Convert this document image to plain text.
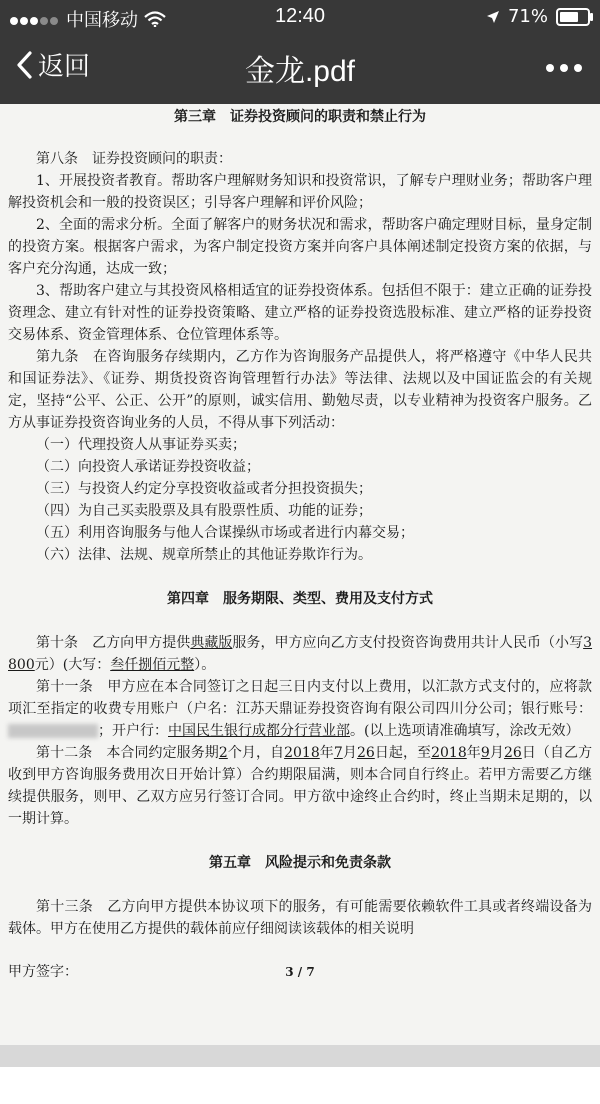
中国移动	12:40	71%
返回	金龙.pdf
第三章　证券投资顾问的职责和禁止行为

第八条　证券投资顾问的职责：

1、开展投资者教育。帮助客户理解财务知识和投资常识，了解专户理财业务；帮助客户理解投资机会和一般的投资误区；引导客户理解和评价风险；

2、全面的需求分析。全面了解客户的财务状况和需求，帮助客户确定理财目标，量身定制的投资方案。根据客户需求，为客户制定投资方案并向客户具体阐述制定投资方案的依据，与客户充分沟通，达成一致；

3、帮助客户建立与其投资风格相适宜的证券投资体系。包括但不限于：建立正确的证券投资理念、建立有针对性的证券投资策略、建立严格的证券投资选股标准、建立严格的证券投资交易体系、资金管理体系、仓位管理体系等。

第九条　在咨询服务存续期内，乙方作为咨询服务产品提供人，将严格遵守《中华人民共和国证券法》、《证券、期货投资咨询管理暂行办法》等法律、法规以及中国证监会的有关规定，坚持“公平、公正、公开”的原则，诚实信用、勤勉尽责，以专业精神为投资客户服务。乙方从事证券投资咨询业务的人员，不得从事下列活动：

（一）代理投资人从事证券买卖；

（二）向投资人承诺证券投资收益；

（三）与投资人约定分享投资收益或者分担投资损失；

（四）为自己买卖股票及具有股票性质、功能的证券；

（五）利用咨询服务与他人合谋操纵市场或者进行内幕交易；

（六）法律、法规、规章所禁止的其他证券欺诈行为。

第四章　服务期限、类型、费用及支付方式

第十条　乙方向甲方提供典藏版服务，甲方应向乙方支付投资咨询费用共计人民币（小写3800元）(大写：叁仟捌佰元整）。

第十一条　甲方应在本合同签订之日起三日内支付以上费用，以汇款方式支付的，应将款项汇至指定的收费专用账户（户名：江苏天鼎证券投资咨询有限公司四川分公司；银行账号：；开户行：中国民生银行成都分行营业部。(以上选项请准确填写，涂改无效）

第十二条　本合同约定服务期2个月，自2018年7月26日起，至2018年9月26日（自乙方收到甲方咨询服务费用次日开始计算）合约期限届满，则本合同自行终止。若甲方需要乙方继续提供服务，则甲、乙双方应另行签订合同。甲方欲中途终止合约时，终止当期未足期的，以一期计算。

第五章　风险提示和免责条款

第十三条　乙方向甲方提供本协议项下的服务，有可能需要依赖软件工具或者终端设备为载体。甲方在使用乙方提供的载体前应仔细阅读该载体的相关说明

甲方签字：	3 / 7
